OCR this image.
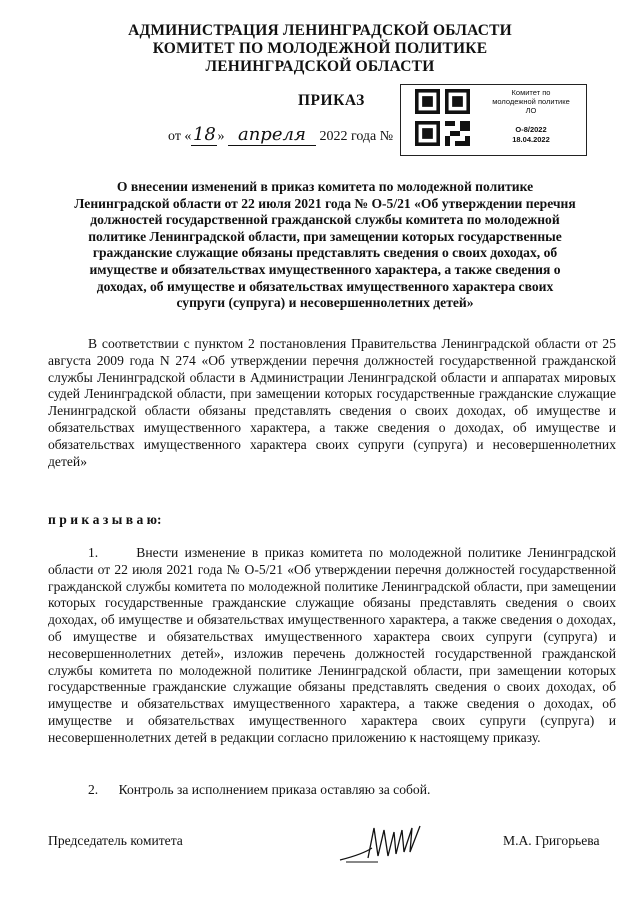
АДМИНИСТРАЦИЯ ЛЕНИНГРАДСКОЙ ОБЛАСТИ
КОМИТЕТ ПО МОЛОДЕЖНОЙ ПОЛИТИКЕ
ЛЕНИНГРАДСКОЙ ОБЛАСТИ
ПРИКАЗ
от «18 » апреля 2022 года №
Комитет по
молодежной политике
ЛО
О-8/2022
18.04.2022
О внесении изменений в приказ комитета по молодежной политике
Ленинградской области от 22 июля 2021 года № О-5/21 «Об утверждении перечня
должностей государственной гражданской службы комитета по молодежной
политике Ленинградской области, при замещении которых государственные
гражданские служащие обязаны представлять сведения о своих доходах, об
имуществе и обязательствах имущественного характера, а также сведения о
доходах, об имуществе и обязательствах имущественного характера своих
супруги (супруга) и несовершеннолетних детей»
В соответствии с пунктом 2 постановления Правительства Ленинградской области от 25 августа 2009 года N 274 «Об утверждении перечня должностей государственной гражданской службы Ленинградской области в Администрации Ленинградской области и аппаратах мировых судей Ленинградской области, при замещении которых государственные гражданские служащие Ленинградской области обязаны представлять сведения о своих доходах, об имуществе и обязательствах имущественного характера, а также сведения о доходах, об имуществе и обязательствах имущественного характера своих супруги (супруга) и несовершеннолетних детей»
п р и к а з ы в а ю:
1.	Внести изменение в приказ комитета по молодежной политике Ленинградской области от 22 июля 2021 года № О-5/21 «Об утверждении перечня должностей государственной гражданской службы комитета по молодежной политике Ленинградской области, при замещении которых государственные гражданские служащие обязаны представлять сведения о своих доходах, об имуществе и обязательствах имущественного характера, а также сведения о доходах, об имуществе и обязательствах имущественного характера своих супруги (супруга) и несовершеннолетних детей», изложив перечень должностей государственной гражданской службы комитета по молодежной политике Ленинградской области, при замещении которых государственные гражданские служащие обязаны представлять сведения о своих доходах, об имуществе и обязательствах имущественного характера, а также сведения о доходах, об имуществе и обязательствах имущественного характера своих супруги (супруга) и несовершеннолетних детей в редакции согласно приложению к настоящему приказу.
2. Контроль за исполнением приказа оставляю за собой.
Председатель комитета	М.А. Григорьева
